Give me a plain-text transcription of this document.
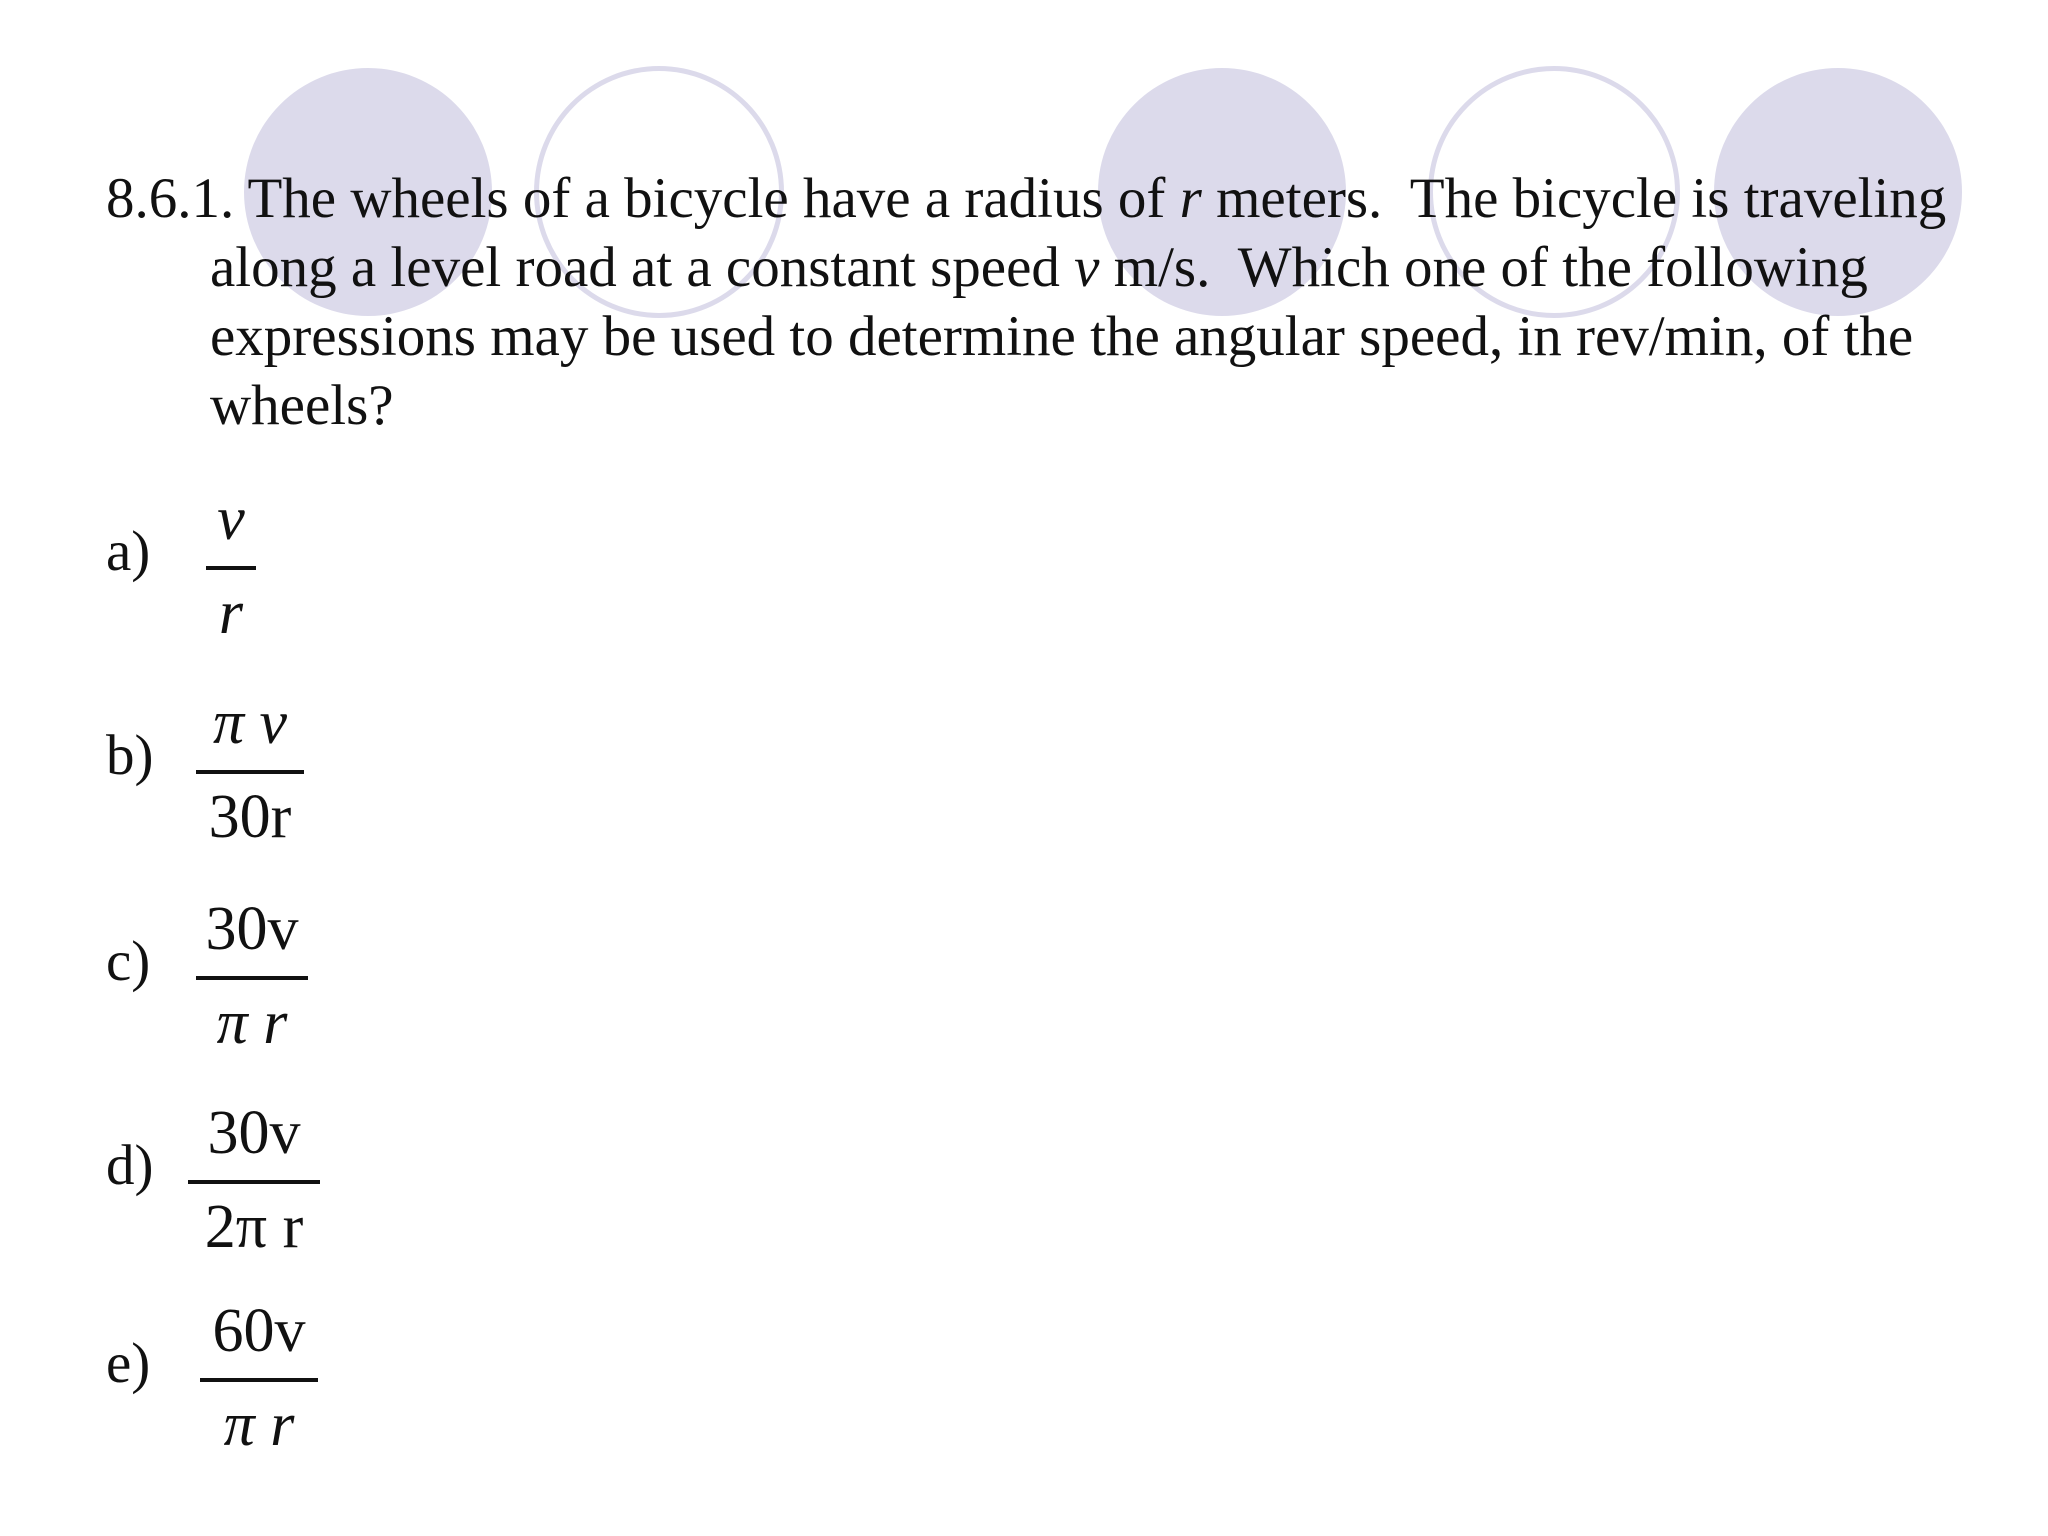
8.6.1. The wheels of a bicycle have a radius of r meters.  The bicycle is traveling
along a level road at a constant speed v m/s.  Which one of the following
expressions may be used to determine the angular speed, in rev/min, of the
wheels?
a) v
r
b) π v
30r
c) 30v
π r
d) 30v
2π r
e) 60v
π r
